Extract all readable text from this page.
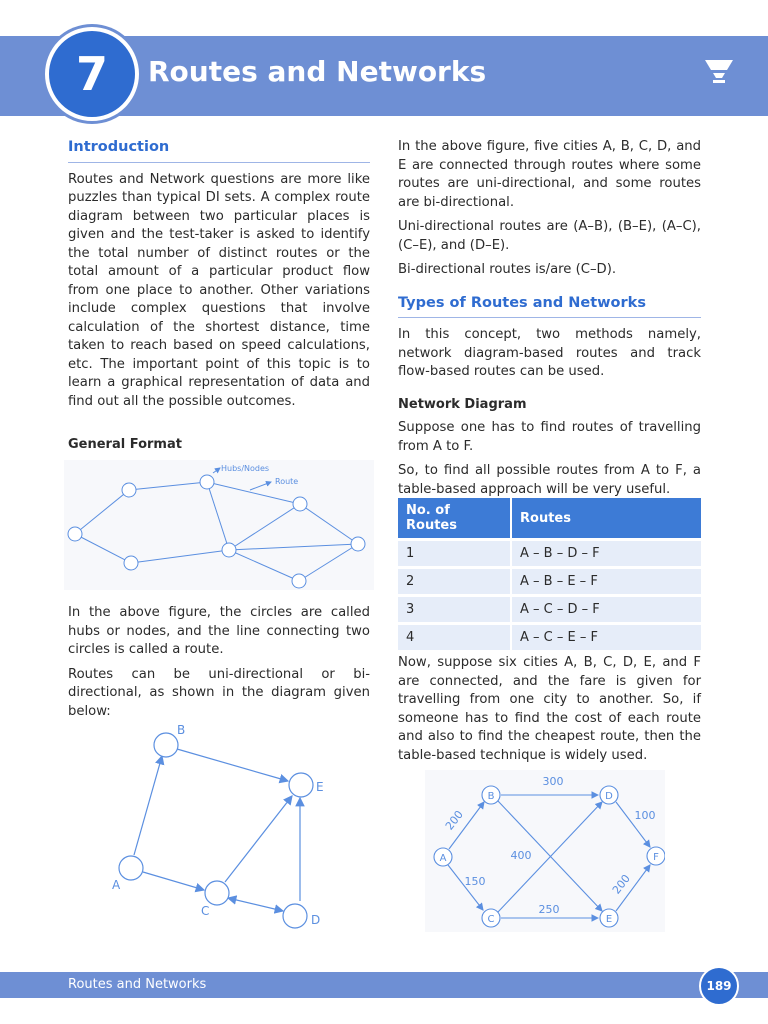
7 Routes and Networks
Introduction

Routes and Network questions are more like puzzles than typical DI sets. A complex route diagram between two particular places is given and the test-taker is asked to identify the total number of distinct routes or the total amount of a particular product flow from one place to another. Other variations include complex questions that involve calculation of the shortest distance, time taken to reach based on speed calculations, etc. The important point of this topic is to learn a graphical representation of data and find out all the possible outcomes.

General Format
Hubs/Nodes
Route

In the above figure, the circles are called hubs or nodes, and the line connecting two circles is called a route.

Routes can be uni-directional or bi-directional, as shown in the diagram given below:

A
B
C
D
E

In the above figure, five cities A, B, C, D, and E are connected through routes where some routes are uni-directional, and some routes are bi-directional.

Uni-directional routes are (A–B), (B–E), (A–C), (C–E), and (D–E).

Bi-directional routes is/are (C–D).

Types of Routes and Networks

In this concept, two methods namely, network diagram-based routes and track flow-based routes can be used.

Network Diagram

Suppose one has to find routes of travelling from A to F.

So, to find all possible routes from A to F, a table-based approach will be very useful.

No. of Routes	Routes
1	A – B – D – F
2	A – B – E – F
3	A – C – D – F
4	A – C – E – F

Now, suppose six cities A, B, C, D, E, and F are connected, and the fare is given for travelling from one city to another. So, if someone has to find the cost of each route and also to find the cheapest route, then the table-based technique is widely used.

A
B
C
D
E
F
200
150
300
250
100
200
400
Routes and Networks	189
